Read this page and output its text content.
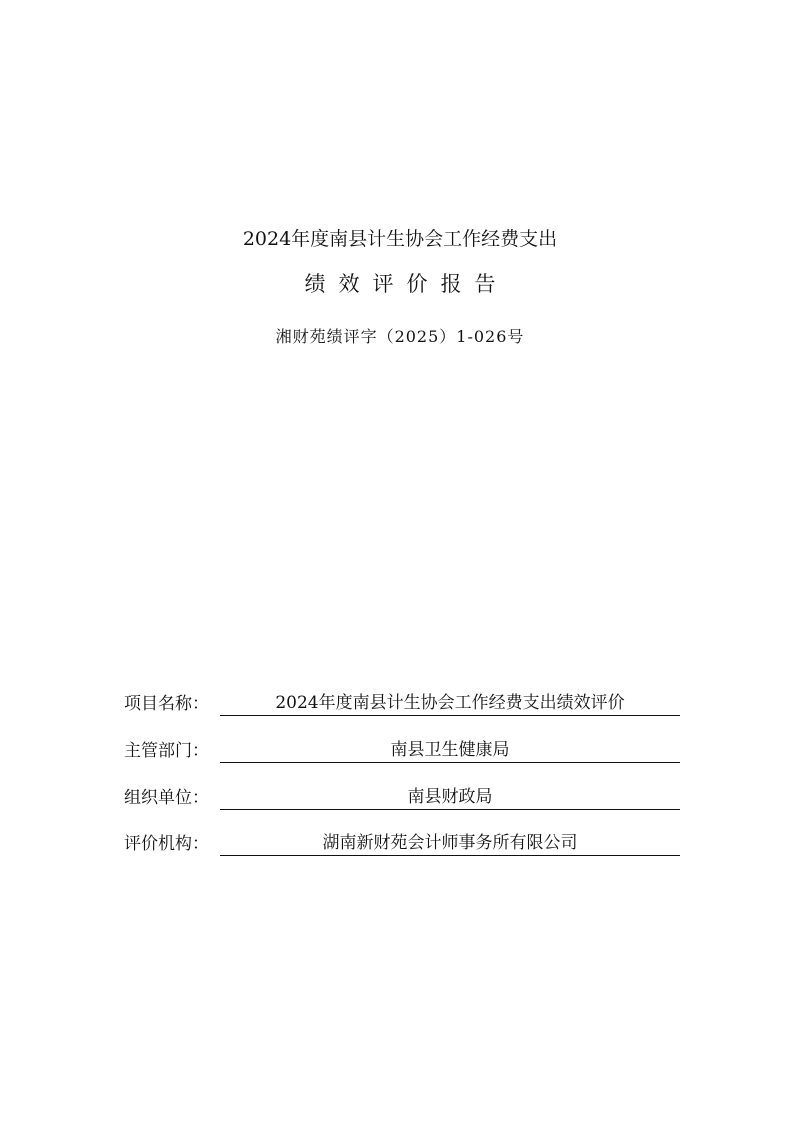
2024年度南县计生协会工作经费支出
绩效评价报告
湘财苑绩评字（2025）1-026号
项目名称：	2024年度南县计生协会工作经费支出绩效评价
主管部门：	南县卫生健康局
组织单位：	南县财政局
评价机构：	湖南新财苑会计师事务所有限公司
